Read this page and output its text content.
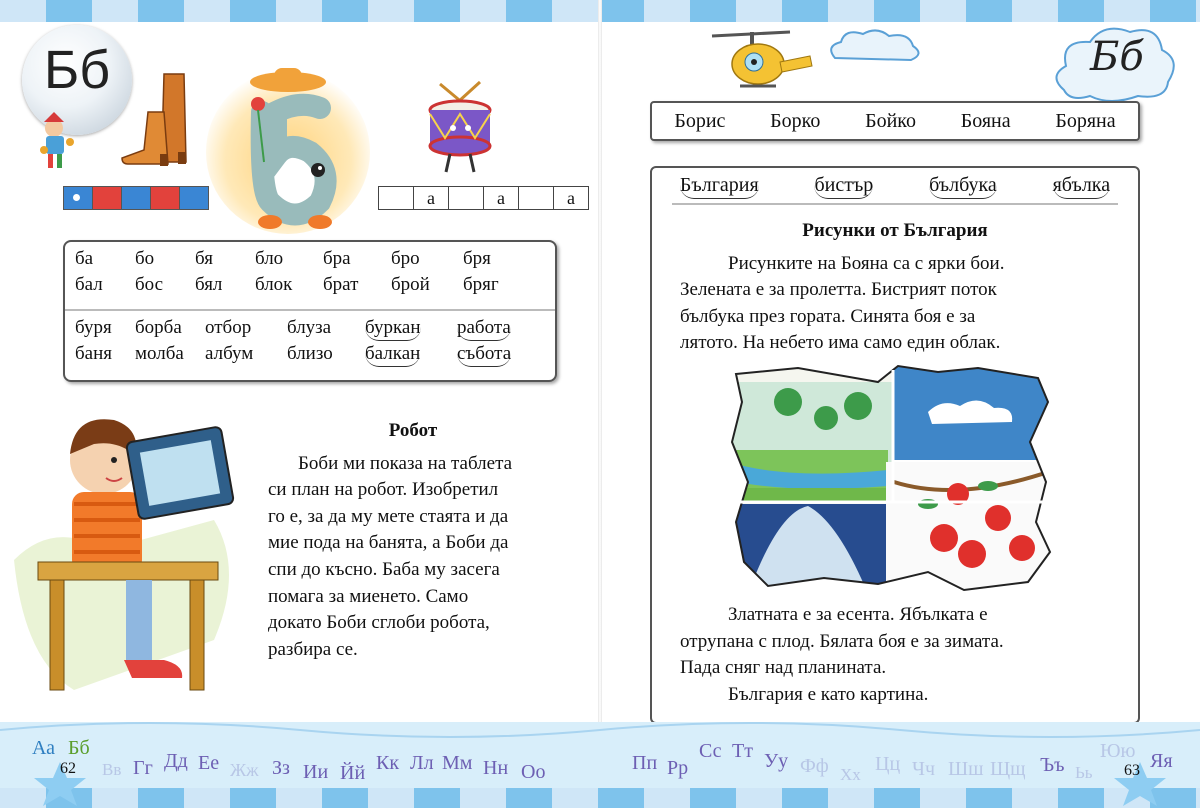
Бб
а	а	а
ба	бо	бя	бло	бра	бро	бря
бал	бос	бял	блок	брат	брой	бряг
буря	борба	отбор	блуза	буркан	работа
баня	молба	албум	близо	балкан	събота
Робот

Боби ми показа на таблета

си план на робот. Изобретил
го е, за да му мете стаята и да
мие пода на банята, а Боби да
спи до късно. Баба му засега
помага за миенето. Само
докато Боби сглоби робота,
разбира се.
Бб
Борис Борко Бойко Бояна Боряна
България	бистър	бълбука	ябълка
Рисунки от България

Рисунките на Бояна са с ярки бои.

Зелената е за пролетта. Бистрият поток
бълбука през гората. Синята боя е за
лятото. На небето има само един облак.

Златната е за есента. Ябълката е

отрупана с плод. Бялата боя е за зимата.
Пада сняг над планината.

България е като картина.

Аа Бб
62 Вв Гг Дд Ее Жж Зз Ии Йй Кк Лл Мм Нн Оо	Пп Рр
Сс Тт Уу Фф Хх Цц Чч Шш Щщ Ъъ Ьь
Юю Яя
63
